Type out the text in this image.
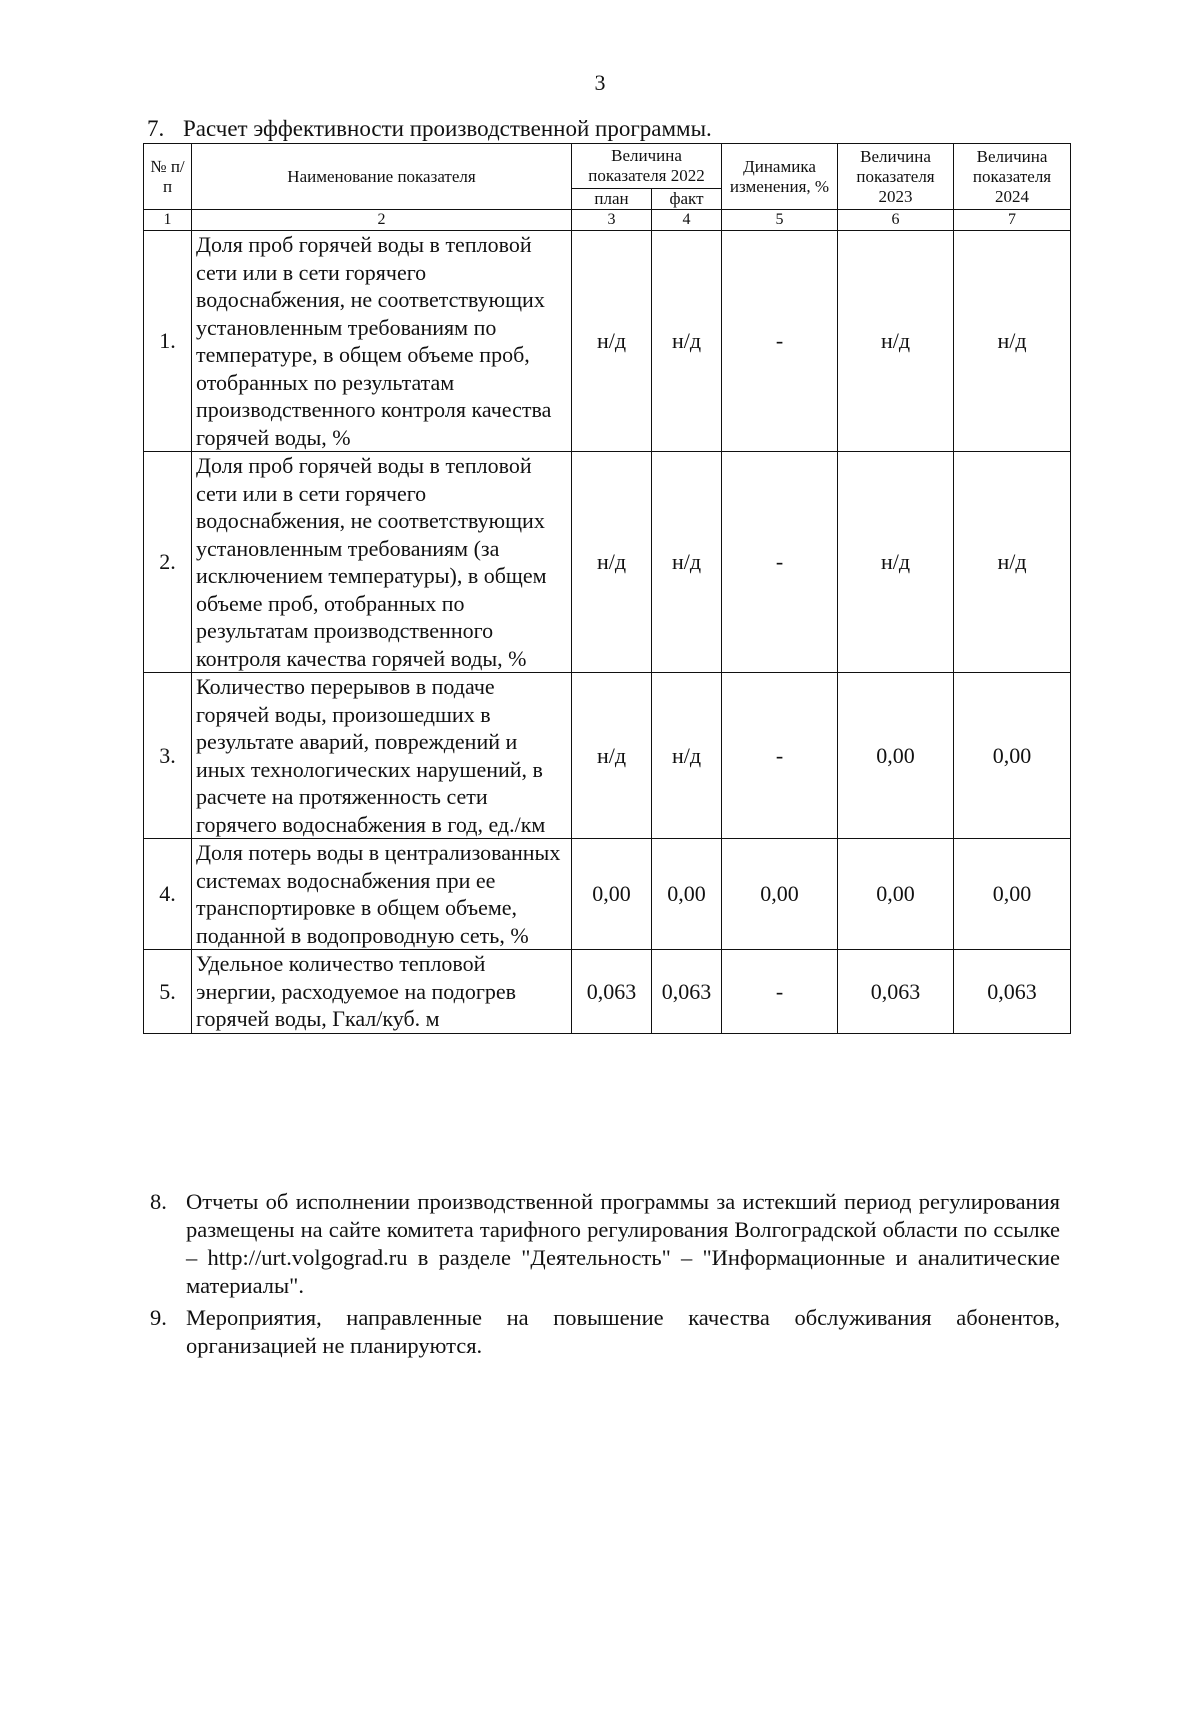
3
7. Расчет эффективности производственной программы.
№ п/п	Наименование показателя	Величина показателя 2022		Динамика изменения, %	Величина показателя 2023	Величина показателя 2024
		план	факт			
1	2	3	4	5	6	7
1.	Доля проб горячей воды в тепловой сети или в сети горячего водоснабжения, не соответствующих установленным требованиям по температуре, в общем объеме проб, отобранных по результатам производственного контроля качества горячей воды, %	н/д	н/д	-	н/д	н/д
2.	Доля проб горячей воды в тепловой сети или в сети горячего водоснабжения, не соответствующих установленным требованиям (за исключением температуры), в общем объеме проб, отобранных по результатам производственного контроля качества горячей воды, %	н/д	н/д	-	н/д	н/д
3.	Количество перерывов в подаче горячей воды, произошедших в результате аварий, повреждений и иных технологических нарушений, в расчете на протяженность сети горячего водоснабжения в год, ед./км	н/д	н/д	-	0,00	0,00
4.	Доля потерь воды в централизованных системах водоснабжения при ее транспортировке в общем объеме, поданной в водопроводную сеть, %	0,00	0,00	0,00	0,00	0,00
5.	Удельное количество тепловой энергии, расходуемое на подогрев горячей воды, Гкал/куб. м	0,063	0,063	-	0,063	0,063
8. Отчеты об исполнении производственной программы за истекший период регулирования размещены на сайте комитета тарифного регулирования Волгоградской области по ссылке – http://urt.volgograd.ru в разделе "Деятельность" – "Информационные и аналитические материалы".
9. Мероприятия, направленные на повышение качества обслуживания абонентов, организацией не планируются.
